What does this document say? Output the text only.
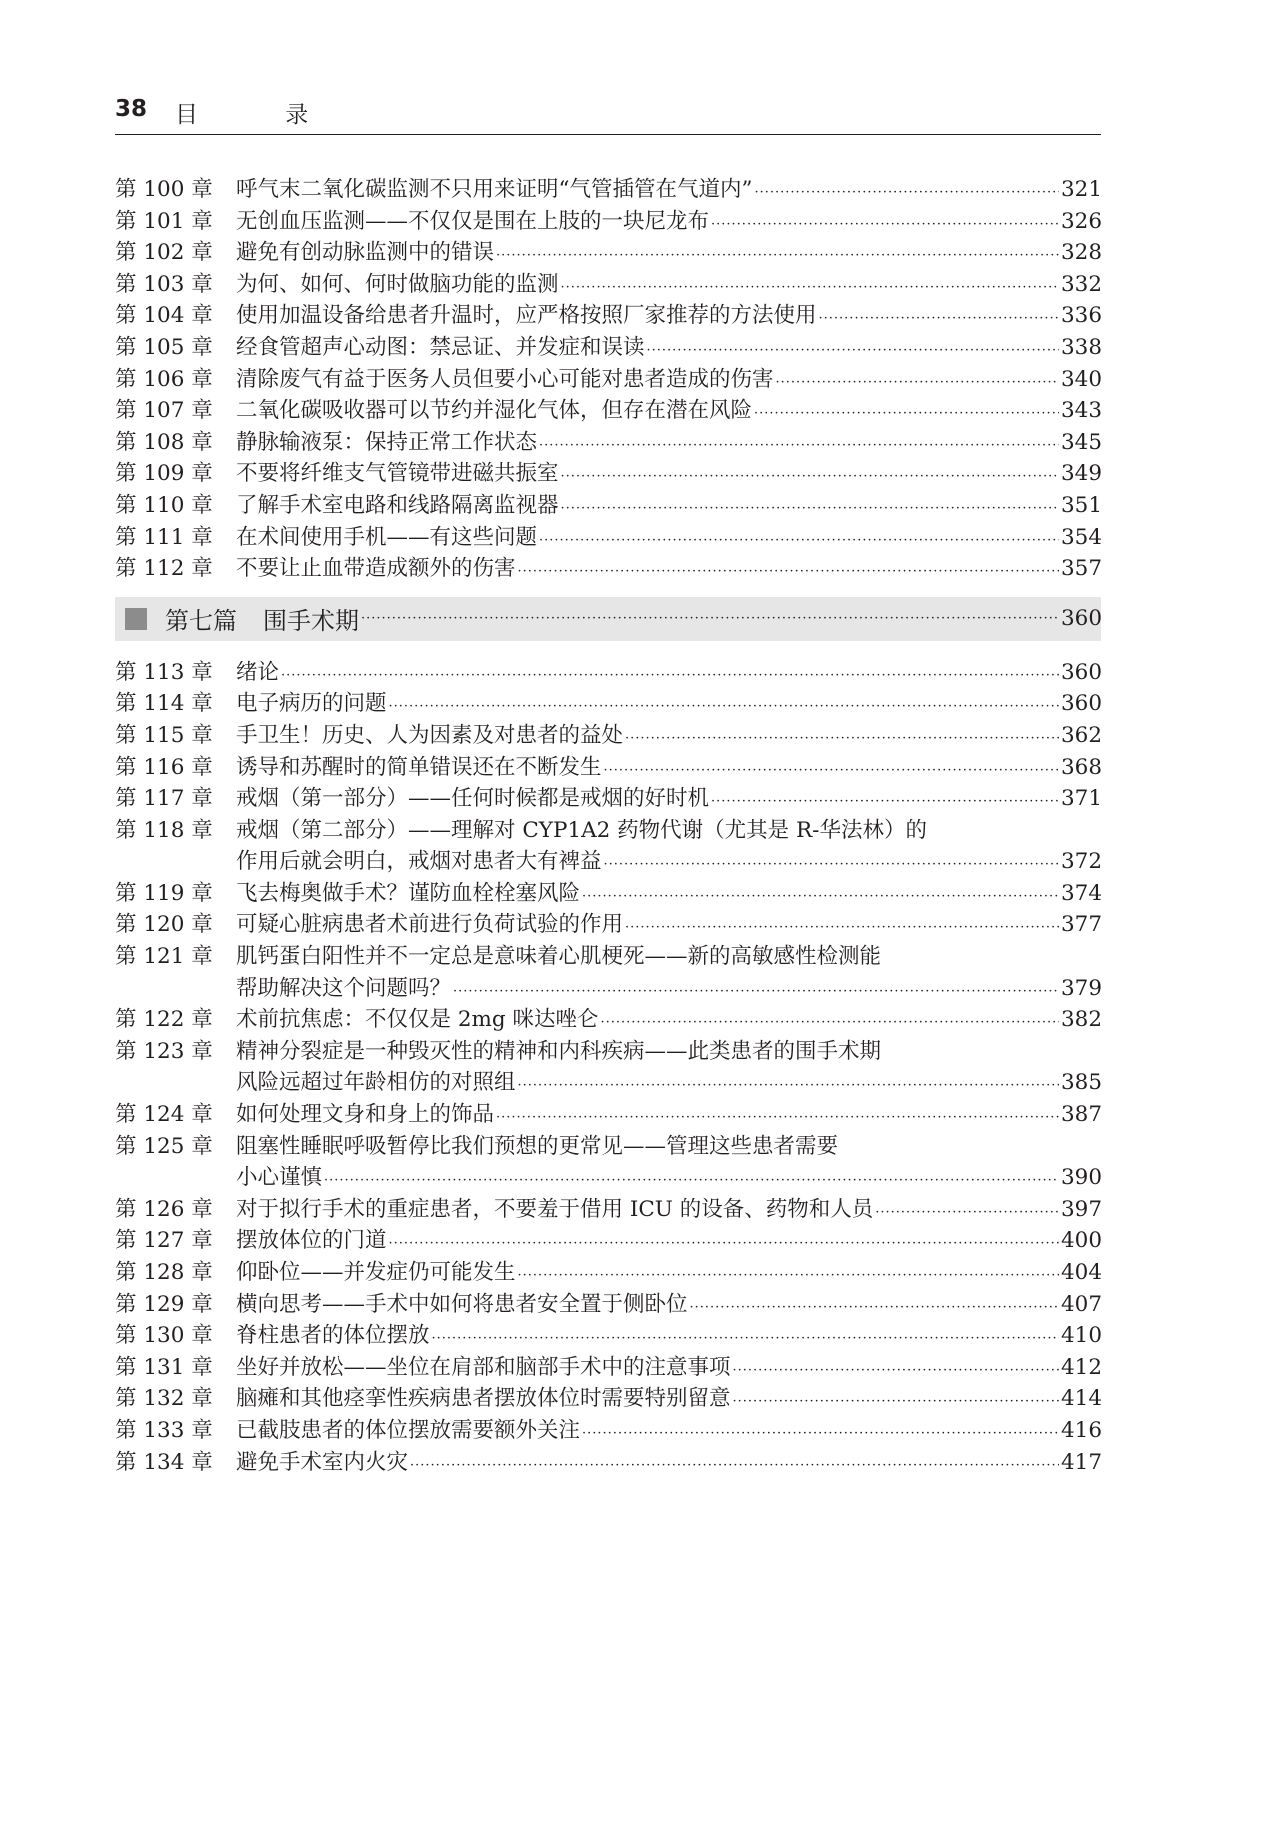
38 目 录
第 100 章	呼气末二氧化碳监测不只用来证明“气管插管在气道内” ·····	321
第 101 章	无创血压监测——不仅仅是围在上肢的一块尼龙布 ·····	326
第 102 章	避免有创动脉监测中的错误 ·····	328
第 103 章	为何、如何、何时做脑功能的监测 ·····	332
第 104 章	使用加温设备给患者升温时，应严格按照厂家推荐的方法使用 ·····	336
第 105 章	经食管超声心动图：禁忌证、并发症和误读 ·····	338
第 106 章	清除废气有益于医务人员但要小心可能对患者造成的伤害 ·····	340
第 107 章	二氧化碳吸收器可以节约并湿化气体，但存在潜在风险 ·····	343
第 108 章	静脉输液泵：保持正常工作状态 ·····	345
第 109 章	不要将纤维支气管镜带进磁共振室 ·····	349
第 110 章	了解手术室电路和线路隔离监视器 ·····	351
第 111 章	在术间使用手机——有这些问题 ·····	354
第 112 章	不要让止血带造成额外的伤害 ·····	357
第七篇 围手术期 ·····	360
第 113 章	绪论 ·····	360
第 114 章	电子病历的问题 ·····	360
第 115 章	手卫生！历史、人为因素及对患者的益处 ·····	362
第 116 章	诱导和苏醒时的简单错误还在不断发生 ·····	368
第 117 章	戒烟（第一部分）——任何时候都是戒烟的好时机 ·····	371
第 118 章	戒烟（第二部分）——理解对 CYP1A2 药物代谢（尤其是 R-华法林）的
作用后就会明白，戒烟对患者大有裨益 ·····	372
第 119 章	飞去梅奥做手术？谨防血栓栓塞风险 ·····	374
第 120 章	可疑心脏病患者术前进行负荷试验的作用 ·····	377
第 121 章	肌钙蛋白阳性并不一定总是意味着心肌梗死——新的高敏感性检测能
帮助解决这个问题吗？ ·····	379
第 122 章	术前抗焦虑：不仅仅是 2mg 咪达唑仑 ·····	382
第 123 章	精神分裂症是一种毁灭性的精神和内科疾病——此类患者的围手术期
风险远超过年龄相仿的对照组 ·····	385
第 124 章	如何处理文身和身上的饰品 ·····	387
第 125 章	阻塞性睡眠呼吸暂停比我们预想的更常见——管理这些患者需要
小心谨慎 ·····	390
第 126 章	对于拟行手术的重症患者，不要羞于借用 ICU 的设备、药物和人员 ·····	397
第 127 章	摆放体位的门道 ·····	400
第 128 章	仰卧位——并发症仍可能发生 ·····	404
第 129 章	横向思考——手术中如何将患者安全置于侧卧位 ·····	407
第 130 章	脊柱患者的体位摆放 ·····	410
第 131 章	坐好并放松——坐位在肩部和脑部手术中的注意事项 ·····	412
第 132 章	脑瘫和其他痉挛性疾病患者摆放体位时需要特别留意 ·····	414
第 133 章	已截肢患者的体位摆放需要额外关注 ·····	416
第 134 章	避免手术室内火灾 ·····	417
